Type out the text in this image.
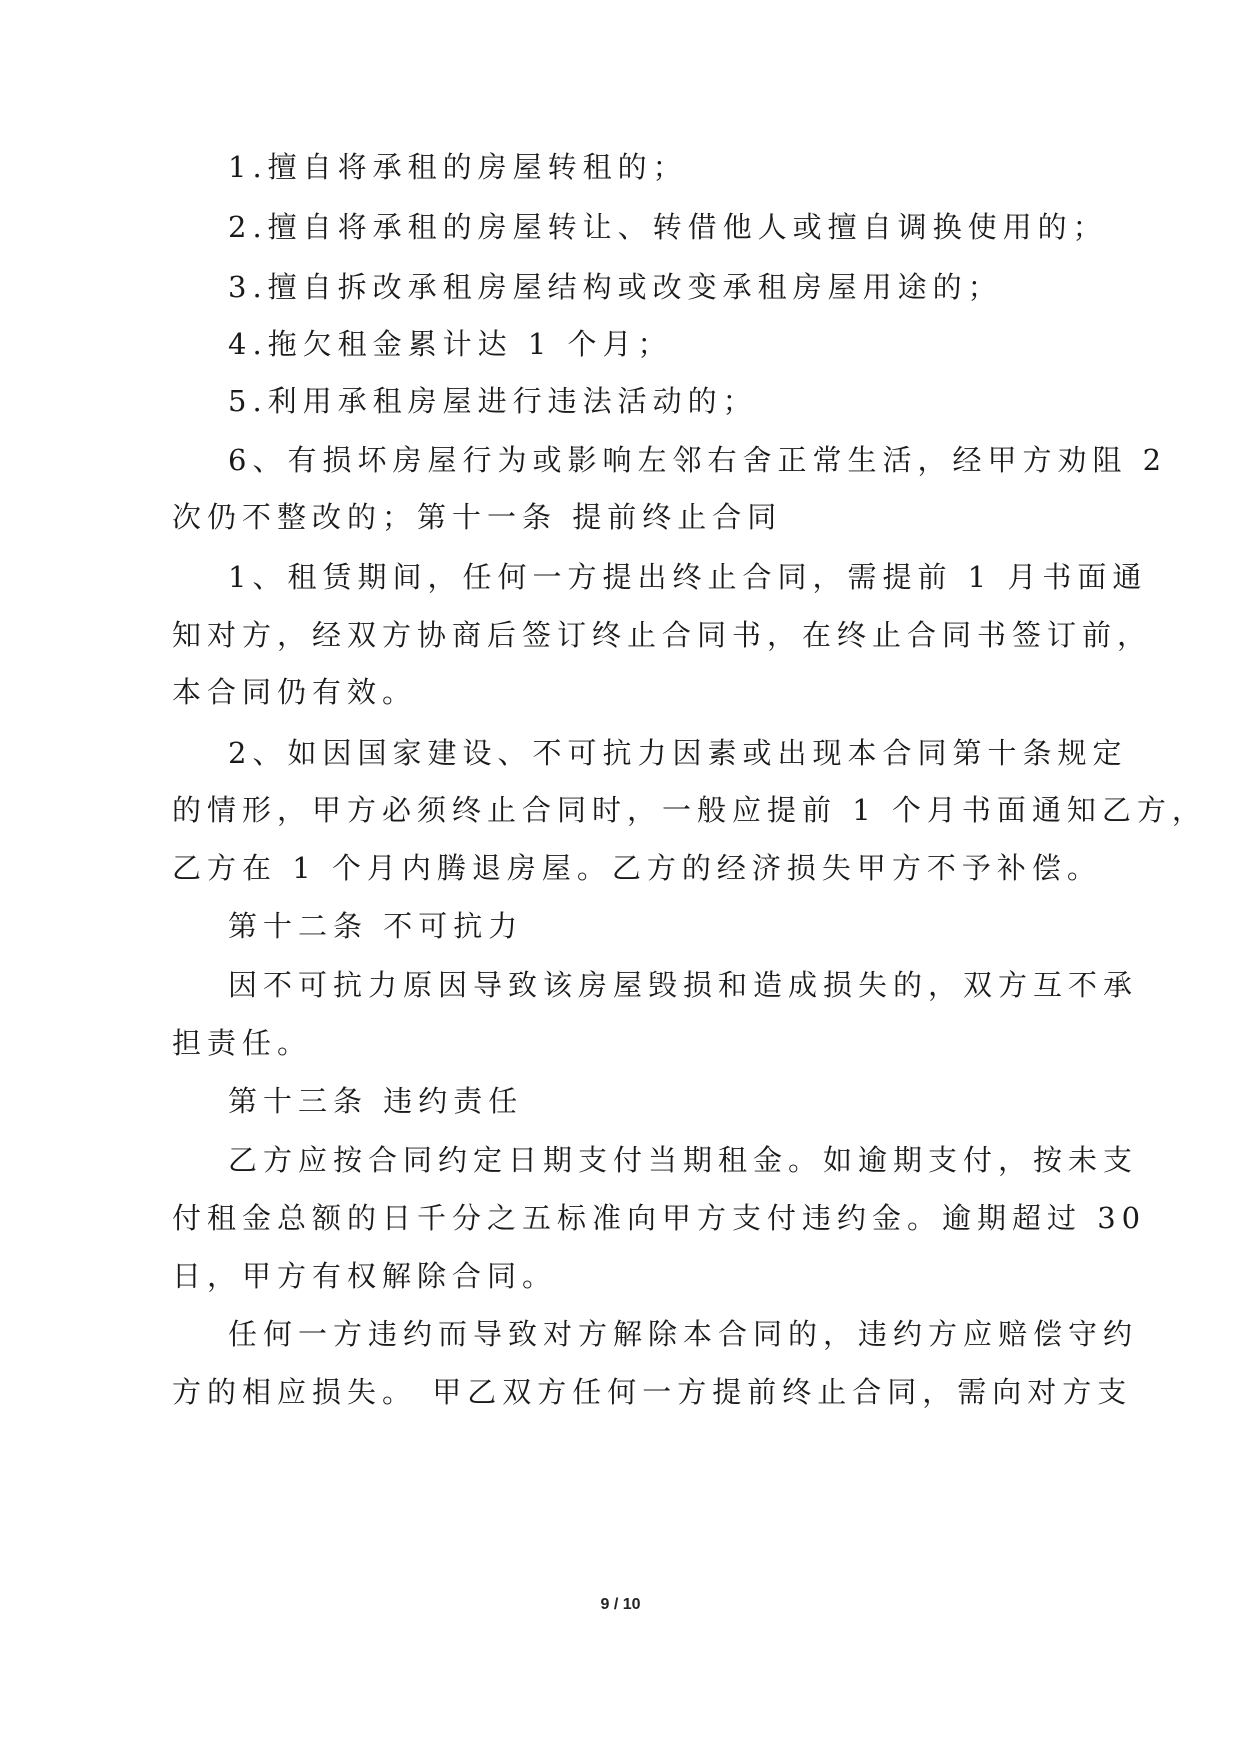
1.擅自将承租的房屋转租的；
2.擅自将承租的房屋转让、转借他人或擅自调换使用的；
3.擅自拆改承租房屋结构或改变承租房屋用途的；
4.拖欠租金累计达 1 个月；
5.利用承租房屋进行违法活动的；
6、有损坏房屋行为或影响左邻右舍正常生活，经甲方劝阻 2
次仍不整改的；第十一条 提前终止合同
1、租赁期间，任何一方提出终止合同，需提前 1 月书面通
知对方，经双方协商后签订终止合同书，在终止合同书签订前，
本合同仍有效。
2、如因国家建设、不可抗力因素或出现本合同第十条规定
的情形，甲方必须终止合同时，一般应提前 1 个月书面通知乙方，
乙方在 1 个月内腾退房屋。乙方的经济损失甲方不予补偿。
第十二条 不可抗力
因不可抗力原因导致该房屋毁损和造成损失的，双方互不承
担责任。
第十三条 违约责任
乙方应按合同约定日期支付当期租金。如逾期支付，按未支
付租金总额的日千分之五标准向甲方支付违约金。逾期超过 30
日，甲方有权解除合同。
任何一方违约而导致对方解除本合同的，违约方应赔偿守约
方的相应损失。 甲乙双方任何一方提前终止合同，需向对方支
9 / 10
